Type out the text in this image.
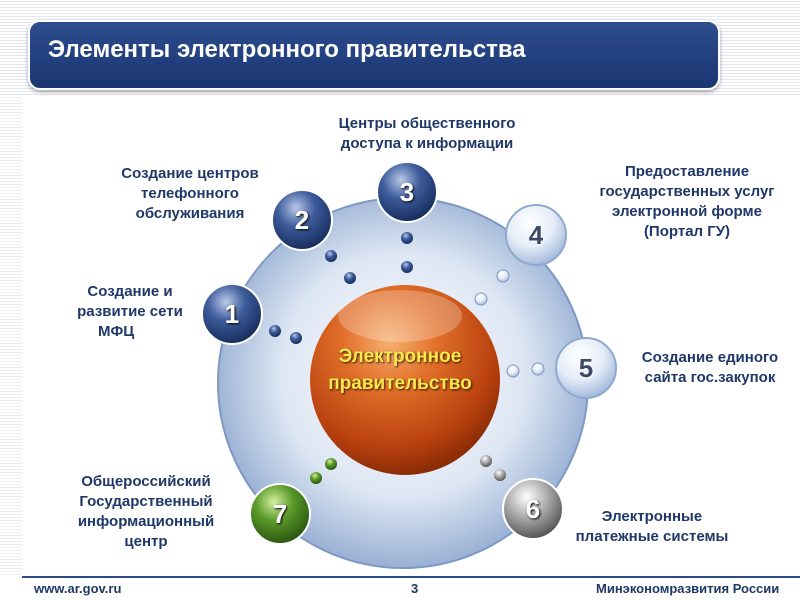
Элементы электронного правительства
Электронное
правительство
1
2
3
4
5
6
7
Создание и
развитие сети
МФЦ
Создание центров
телефонного
обслуживания
Центры общественного
доступа к информации
Предоставление
государственных услуг
электронной форме
(Портал ГУ)
Создание единого
сайта гос.закупок
Электронные
платежные системы
Общероссийский
Государственный
информационный
центр
www.ar.gov.ru	3	Минэкономразвития России
